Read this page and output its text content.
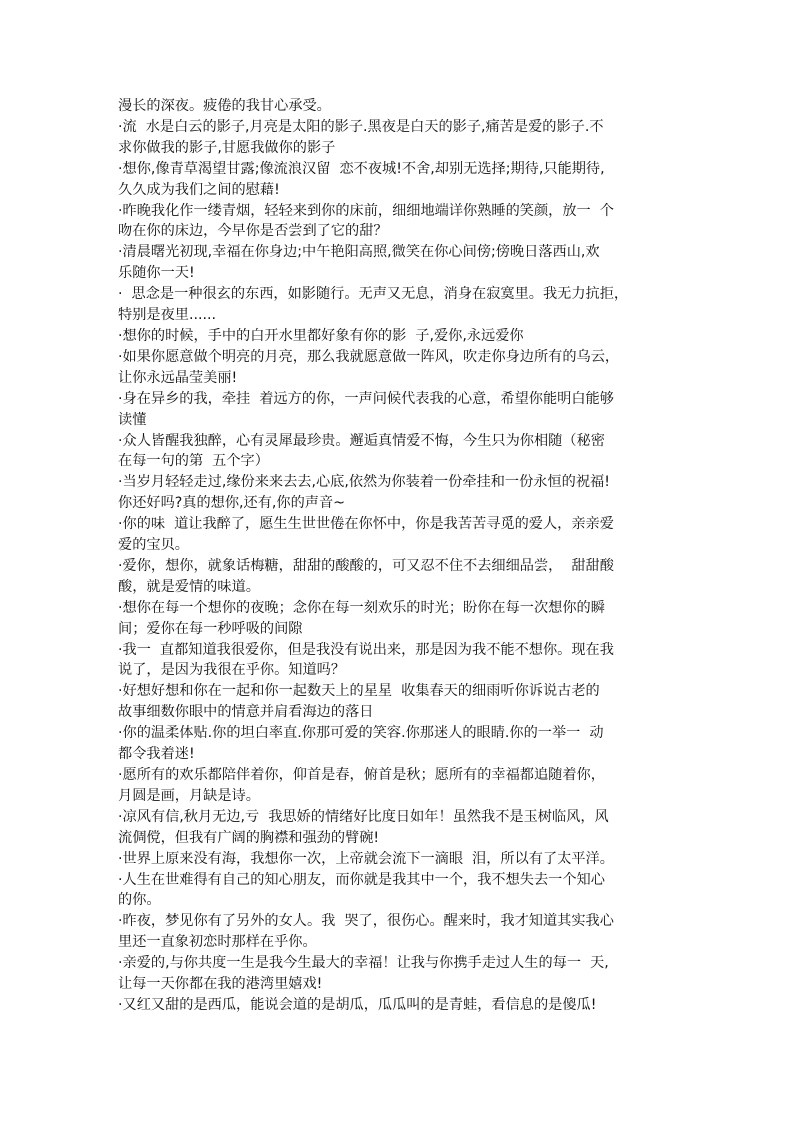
漫长的深夜。疲倦的我甘心承受。

·流  水是白云的影子,月亮是太阳的影子.黑夜是白天的影子,痛苦是爱的影子.不

求你做我的影子,甘愿我做你的影子

·想你,像青草渴望甘露;像流浪汉留  恋不夜城!不舍,却别无选择;期待,只能期待,

久久成为我们之间的慰藉!

·昨晚我化作一缕青烟，轻轻来到你的床前，细细地端详你熟睡的笑颜，放一  个

吻在你的床边，今早你是否尝到了它的甜？

·清晨曙光初现,幸福在你身边;中午艳阳高照,微笑在你心间傍;傍晚日落西山,欢

乐随你一天!

·  思念是一种很玄的东西，如影随行。无声又无息，消身在寂寞里。我无力抗拒，

特别是夜里......

·想你的时候，手中的白开水里都好象有你的影  子,爱你,永远爱你

·如果你愿意做个明亮的月亮，那么我就愿意做一阵风，吹走你身边所有的乌云，

让你永远晶莹美丽!

·身在异乡的我，牵挂  着远方的你，一声问候代表我的心意，希望你能明白能够

读懂

·众人皆醒我独醉，心有灵犀最珍贵。邂逅真情爱不悔，今生只为你相随（秘密

在每一句的第  五个字）

·当岁月轻轻走过,缘份来来去去,心底,依然为你装着一份牵挂和一份永恒的祝福!

你还好吗?真的想你,还有,你的声音~

·你的味  道让我醉了，愿生生世世倦在你怀中，你是我苦苦寻觅的爱人，亲亲爱

爱的宝贝。

·爱你，想你，就象话梅糖，甜甜的酸酸的，可又忍不住不去细细品尝，  甜甜酸

酸，就是爱情的味道。

·想你在每一个想你的夜晚；念你在每一刻欢乐的时光；盼你在每一次想你的瞬

间；爱你在每一秒呼吸的间隙

·我一  直都知道我很爱你，但是我没有说出来，那是因为我不能不想你。现在我

说了，是因为我很在乎你。知道吗？

·好想好想和你在一起和你一起数天上的星星  收集春天的细雨听你诉说古老的

故事细数你眼中的情意并肩看海边的落日

·你的温柔体贴.你的坦白率直.你那可爱的笑容.你那迷人的眼睛.你的一举一  动

都令我着迷!

·愿所有的欢乐都陪伴着你，仰首是春，俯首是秋；愿所有的幸福都追随着你，

月圆是画，月缺是诗。

·凉风有信,秋月无边,亏  我思娇的情绪好比度日如年！虽然我不是玉树临风，风

流倜傥，但我有广阔的胸襟和强劲的臂碗!

·世界上原来没有海，我想你一次，上帝就会流下一滴眼  泪，所以有了太平洋。

·人生在世难得有自己的知心朋友，而你就是我其中一个，我不想失去一个知心

的你。

·昨夜，梦见你有了另外的女人。我  哭了，很伤心。醒来时，我才知道其实我心

里还一直象初恋时那样在乎你。

·亲爱的,与你共度一生是我今生最大的幸福！让我与你携手走过人生的每一  天,

让每一天你都在我的港湾里嬉戏!

·又红又甜的是西瓜，能说会道的是胡瓜，瓜瓜叫的是青蛙，看信息的是傻瓜!
